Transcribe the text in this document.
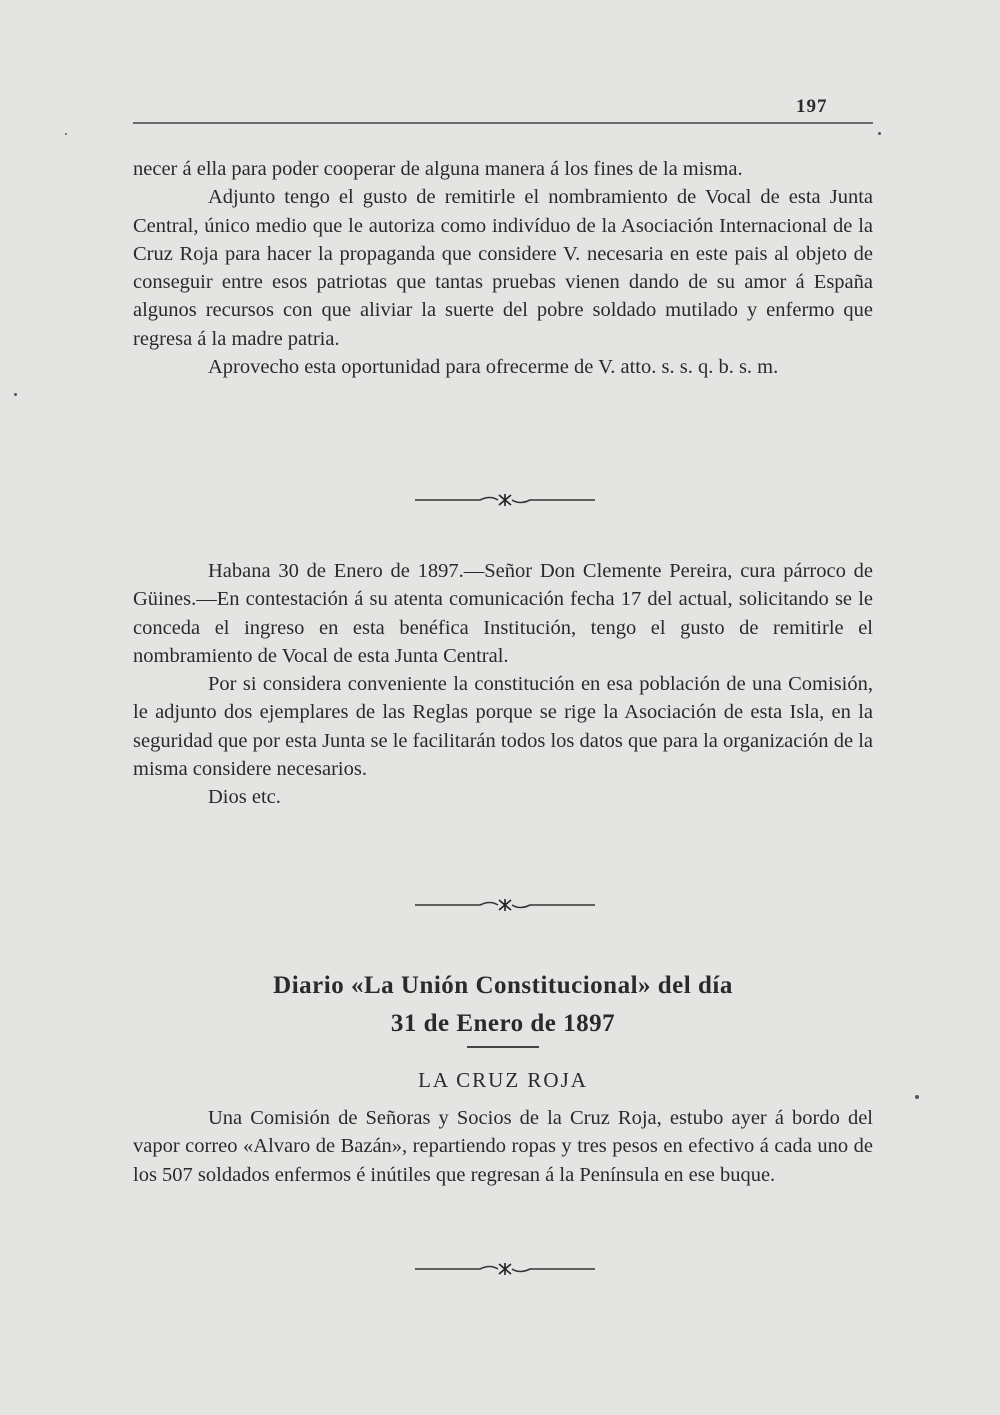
197

necer á ella para poder cooperar de alguna manera á los fines de la misma.

Adjunto tengo el gusto de remitirle el nombramiento de Vocal de esta Junta Central, único medio que le autoriza como indivíduo de la Asociación Internacional de la Cruz Roja para hacer la propaganda que considere V. necesaria en este pais al objeto de conseguir entre esos patriotas que tantas pruebas vienen dando de su amor á España algunos recursos con que aliviar la suerte del pobre soldado mutilado y enfermo que regresa á la madre patria.

Aprovecho esta oportunidad para ofrecerme de V. atto. s. s. q. b. s. m.

Habana 30 de Enero de 1897.—Señor Don Clemente Pereira, cura párroco de Güines.—En contestación á su atenta comunicación fecha 17 del actual, solicitando se le conceda el ingreso en esta benéfica Institución, tengo el gusto de remitirle el nombramiento de Vocal de esta Junta Central.

Por si considera conveniente la constitución en esa población de una Comisión, le adjunto dos ejemplares de las Reglas porque se rige la Asociación de esta Isla, en la seguridad que por esta Junta se le facilitarán todos los datos que para la organización de la misma considere necesarios.

Dios etc.

Diario «La Unión Constitucional» del día
31 de Enero de 1897
LA CRUZ ROJA

Una Comisión de Señoras y Socios de la Cruz Roja, estubo ayer á bordo del vapor correo «Alvaro de Bazán», repartiendo ropas y tres pesos en efectivo á cada uno de los 507 soldados enfermos é inútiles que regresan á la Península en ese buque.
